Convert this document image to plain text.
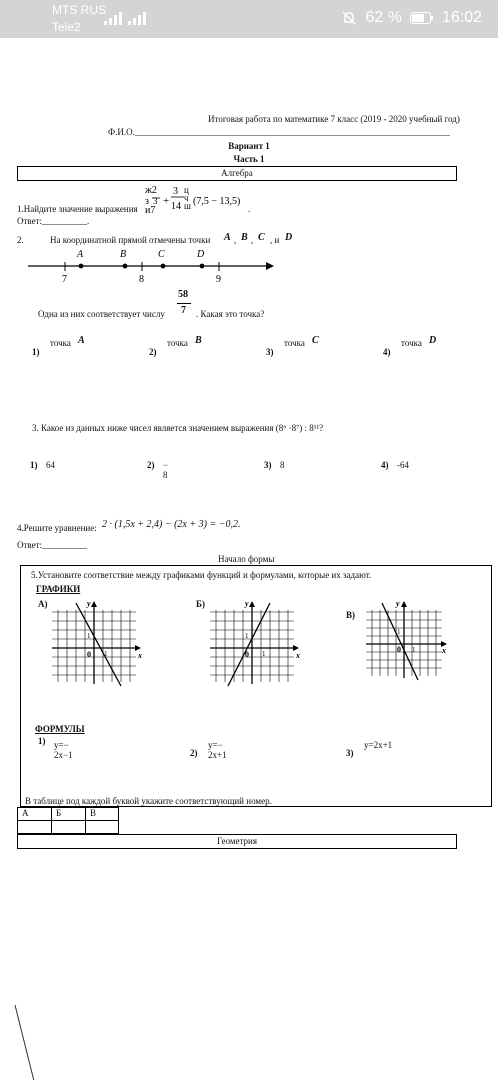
MTS RUS
Tele2
62 %	16:02
Итоговая работа по математике 7 класс (2019 - 2020 учебный год)
Ф.И.О.______________________________________________________________________
Вариант 1
Часть 1
Алгебра
1.Найдите значение выражения
ж2
з 3
и7
+
3
14
ц
ч
ш (7,5 − 13,5)
.
Ответ:__________.
2.	На координатной прямой отмечены точки A , B , C , и D
A	B	C	D
7	8	9
Одна из них соответствует числу
58
7 . Какая это точка?
1)
точка A
2)
точка B
3)
точка C
4)
точка D
3. Какое из данных ниже чисел является значением выражения (8⁶ ·8⁷) : 8¹¹?
1) 64	2) − 8
3) 8	4) -64
4.Решите уравнение: 2 · (1,5x + 2,4) − (2x + 3) = −0,2.
Ответ:__________
Начало формы
5.Установите соответствие между графиками функций и формулами, которые их задают.
ГРАФИКИ
А)	Б)
В)
y
x
0
1
1
y
x
0
1
1
y
x
0
1
1
ФОРМУЛЫ
1) y=− 2x−1	2)
y=− 2x+1	3)
y=2x+1
В таблице под каждой буквой укажите соответствующий номер.
А	Б	В
Геометрия
